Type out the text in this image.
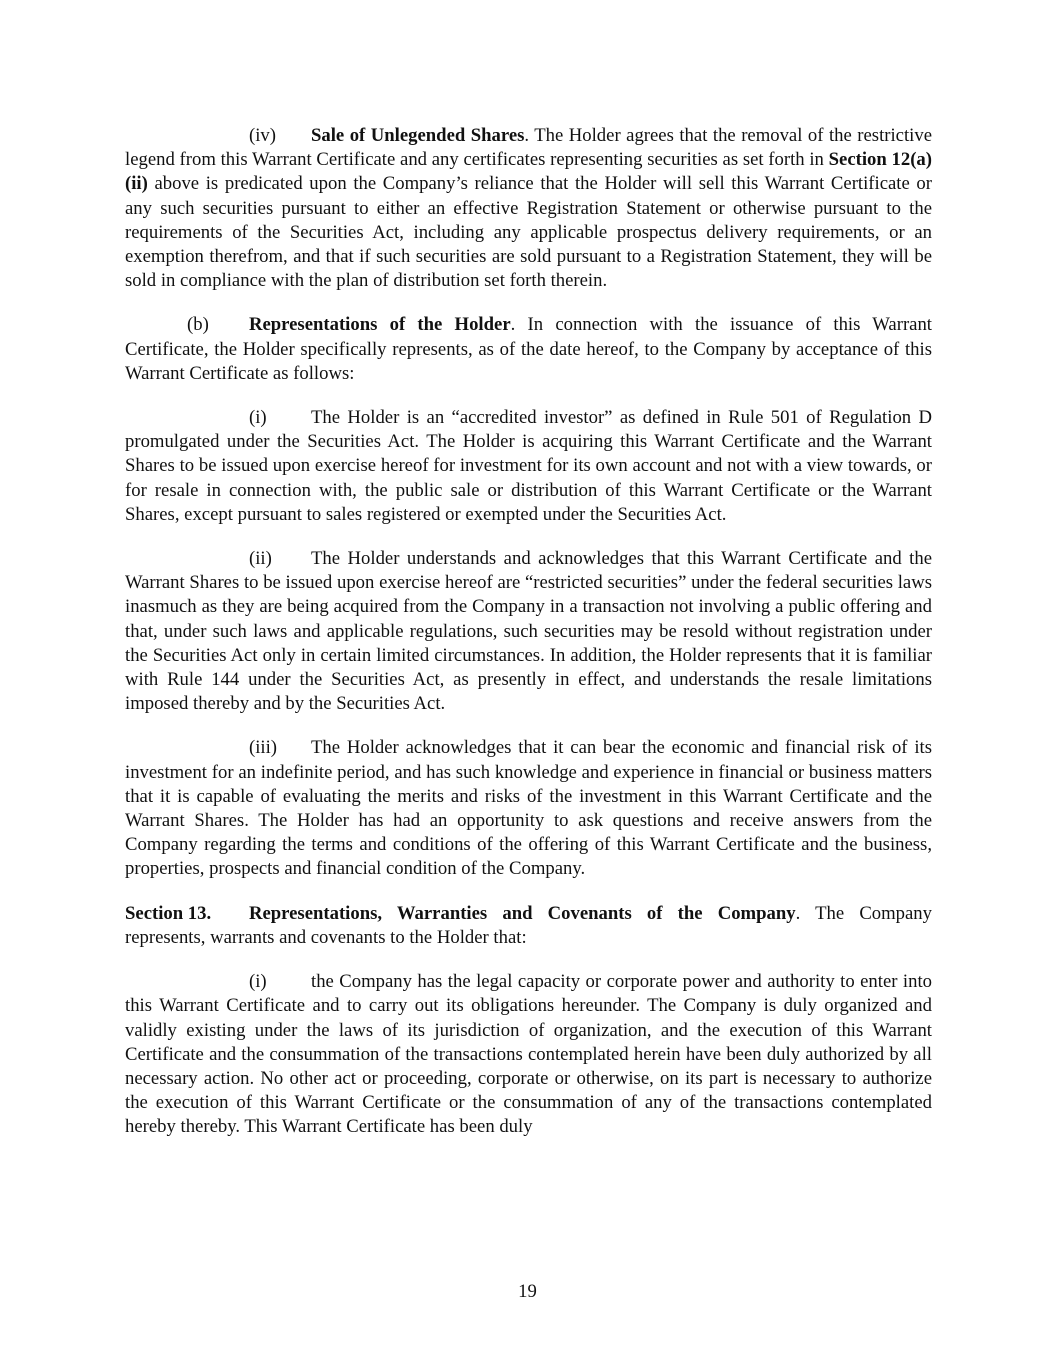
(iv) Sale of Unlegended Shares. The Holder agrees that the removal of the restrictive legend from this Warrant Certificate and any certificates representing securities as set forth in Section 12(a)(ii) above is predicated upon the Company’s reliance that the Holder will sell this Warrant Certificate or any such securities pursuant to either an effective Registration Statement or otherwise pursuant to the requirements of the Securities Act, including any applicable prospectus delivery requirements, or an exemption therefrom, and that if such securities are sold pursuant to a Registration Statement, they will be sold in compliance with the plan of distribution set forth therein.

(b) Representations of the Holder. In connection with the issuance of this Warrant Certificate, the Holder specifically represents, as of the date hereof, to the Company by acceptance of this Warrant Certificate as follows:

(i) The Holder is an “accredited investor” as defined in Rule 501 of Regulation D promulgated under the Securities Act. The Holder is acquiring this Warrant Certificate and the Warrant Shares to be issued upon exercise hereof for investment for its own account and not with a view towards, or for resale in connection with, the public sale or distribution of this Warrant Certificate or the Warrant Shares, except pursuant to sales registered or exempted under the Securities Act.

(ii) The Holder understands and acknowledges that this Warrant Certificate and the Warrant Shares to be issued upon exercise hereof are “restricted securities” under the federal securities laws inasmuch as they are being acquired from the Company in a transaction not involving a public offering and that, under such laws and applicable regulations, such securities may be resold without registration under the Securities Act only in certain limited circumstances. In addition, the Holder represents that it is familiar with Rule 144 under the Securities Act, as presently in effect, and understands the resale limitations imposed thereby and by the Securities Act.

(iii) The Holder acknowledges that it can bear the economic and financial risk of its investment for an indefinite period, and has such knowledge and experience in financial or business matters that it is capable of evaluating the merits and risks of the investment in this Warrant Certificate and the Warrant Shares. The Holder has had an opportunity to ask questions and receive answers from the Company regarding the terms and conditions of the offering of this Warrant Certificate and the business, properties, prospects and financial condition of the Company.

Section 13. Representations, Warranties and Covenants of the Company. The Company represents, warrants and covenants to the Holder that:

(i) the Company has the legal capacity or corporate power and authority to enter into this Warrant Certificate and to carry out its obligations hereunder. The Company is duly organized and validly existing under the laws of its jurisdiction of organization, and the execution of this Warrant Certificate and the consummation of the transactions contemplated herein have been duly authorized by all necessary action. No other act or proceeding, corporate or otherwise, on its part is necessary to authorize the execution of this Warrant Certificate or the consummation of any of the transactions contemplated hereby thereby. This Warrant Certificate has been duly

19
